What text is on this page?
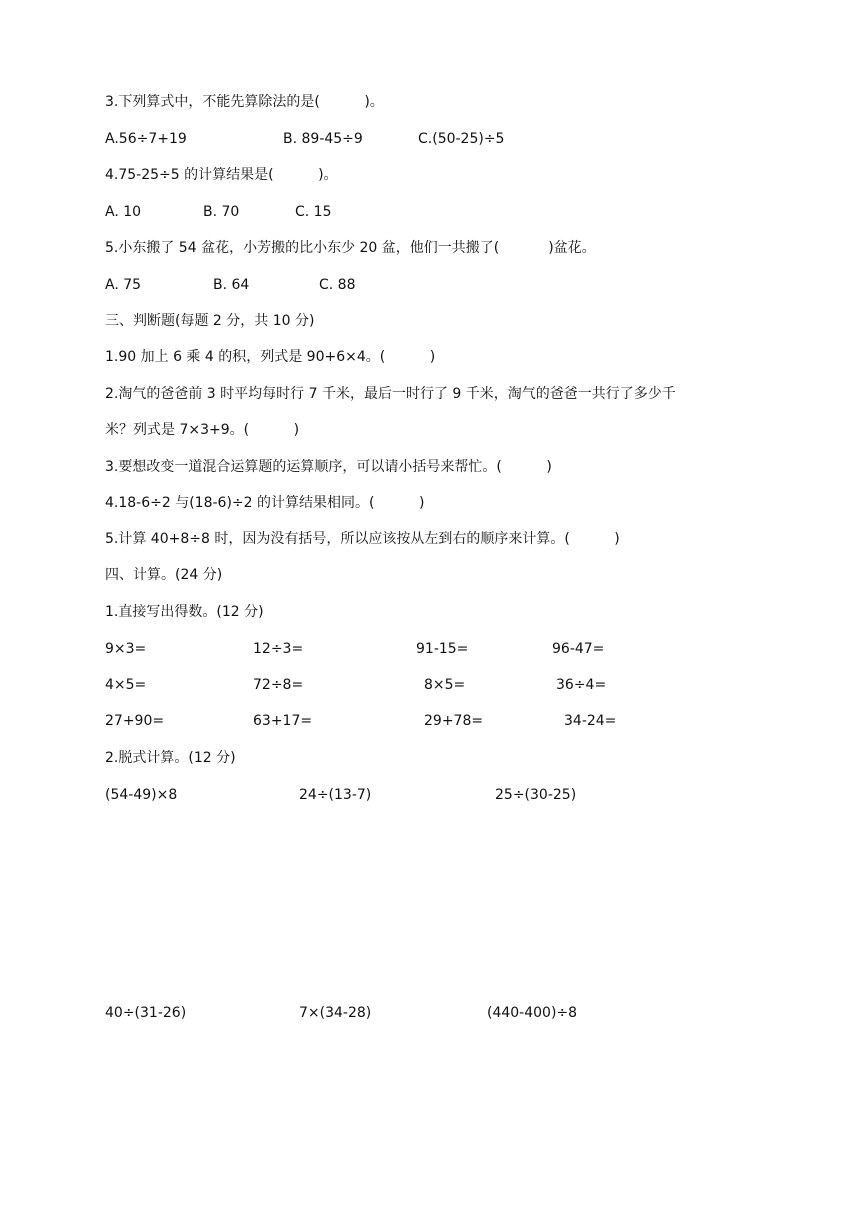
3.下列算式中，不能先算除法的是(          )。
A.56÷7+19	B. 89-45÷9	C.(50-25)÷5
4.75-25÷5 的计算结果是(          )。
A. 10	B. 70	C. 15
5.小东搬了 54 盆花，小芳搬的比小东少 20 盆，他们一共搬了(           )盆花。
A. 75	B. 64	C. 88
三、判断题(每题 2 分，共 10 分)
1.90 加上 6 乘 4 的积，列式是 90+6×4。(          )
2.淘气的爸爸前 3 时平均每时行 7 千米，最后一时行了 9 千米，淘气的爸爸一共行了多少千
米？列式是 7×3+9。(          )
3.要想改变一道混合运算题的运算顺序，可以请小括号来帮忙。(          )
4.18-6÷2 与(18-6)÷2 的计算结果相同。(          )
5.计算 40+8÷8 时，因为没有括号，所以应该按从左到右的顺序来计算。(          )
四、计算。(24 分)
1.直接写出得数。(12 分)
9×3=	12÷3=	91-15=	96-47=
4×5=	72÷8=	8×5=	36÷4=
27+90=	63+17=	29+78=	34-24=
2.脱式计算。(12 分)
(54-49)×8	24÷(13-7)	25÷(30-25)
40÷(31-26)	7×(34-28)	(440-400)÷8
